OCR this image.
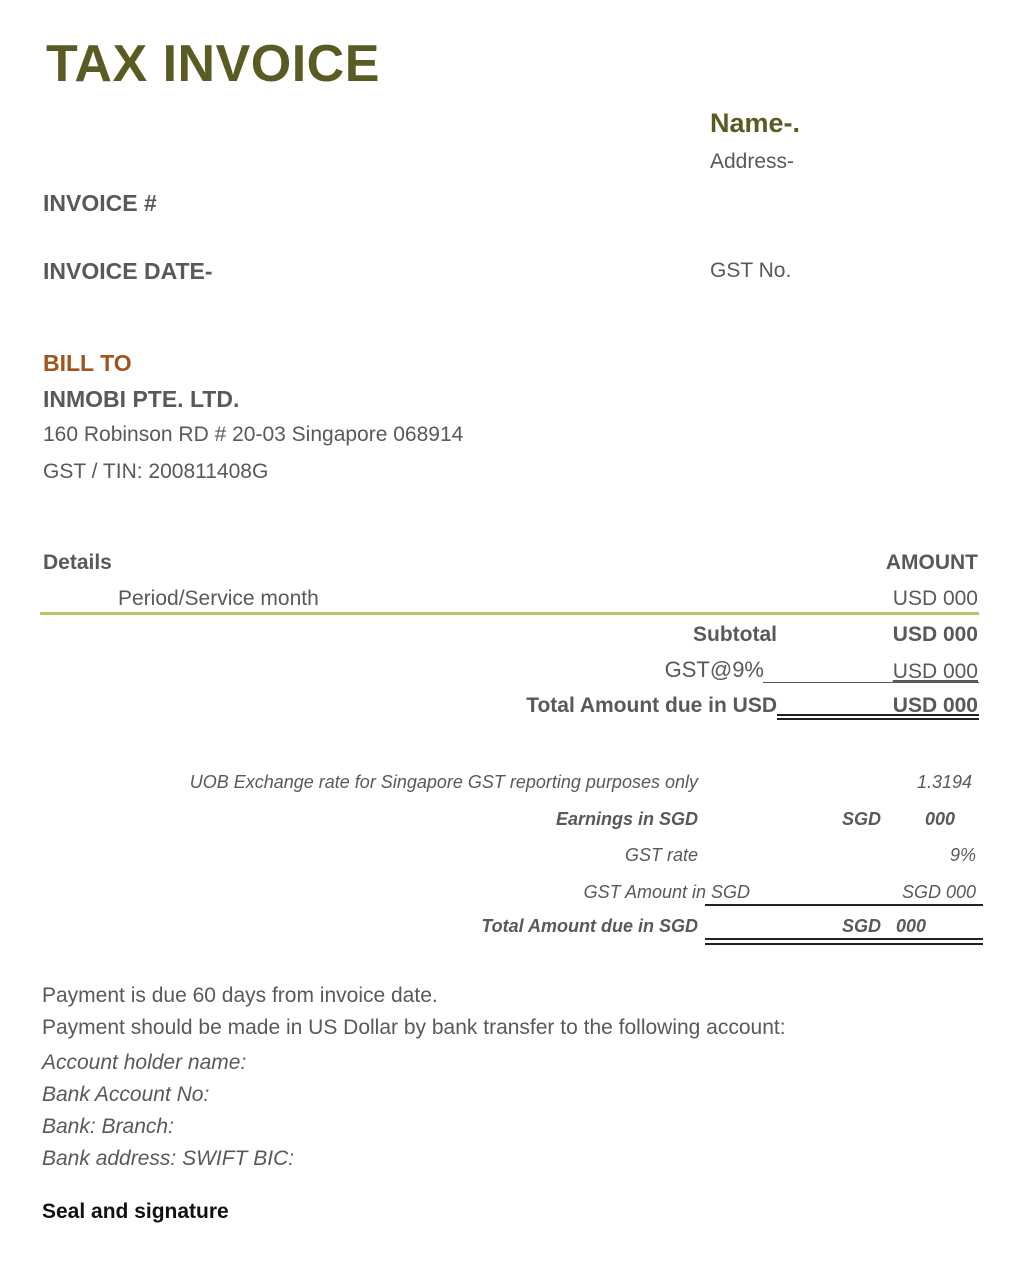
TAX INVOICE
Name-.
Address-
GST No.
INVOICE #
INVOICE DATE-
BILL TO
INMOBI PTE. LTD.
160 Robinson RD # 20-03 Singapore 068914
GST / TIN: 200811408G
Details	AMOUNT
Period/Service month	USD 000
Subtotal	USD 000
GST@9%	USD 000
Total Amount due in USD	USD 000
UOB Exchange rate for Singapore GST reporting purposes only	1.3194
Earnings in SGD	SGD 000
GST rate	9%
GST Amount in SGD	SGD 000
Total Amount due in SGD	SGD 000
Payment is due 60 days from invoice date.
Payment should be made in US Dollar by bank transfer to the following account:
Account holder name:
Bank Account No:
Bank: Branch:
Bank address: SWIFT BIC:
Seal and signature
